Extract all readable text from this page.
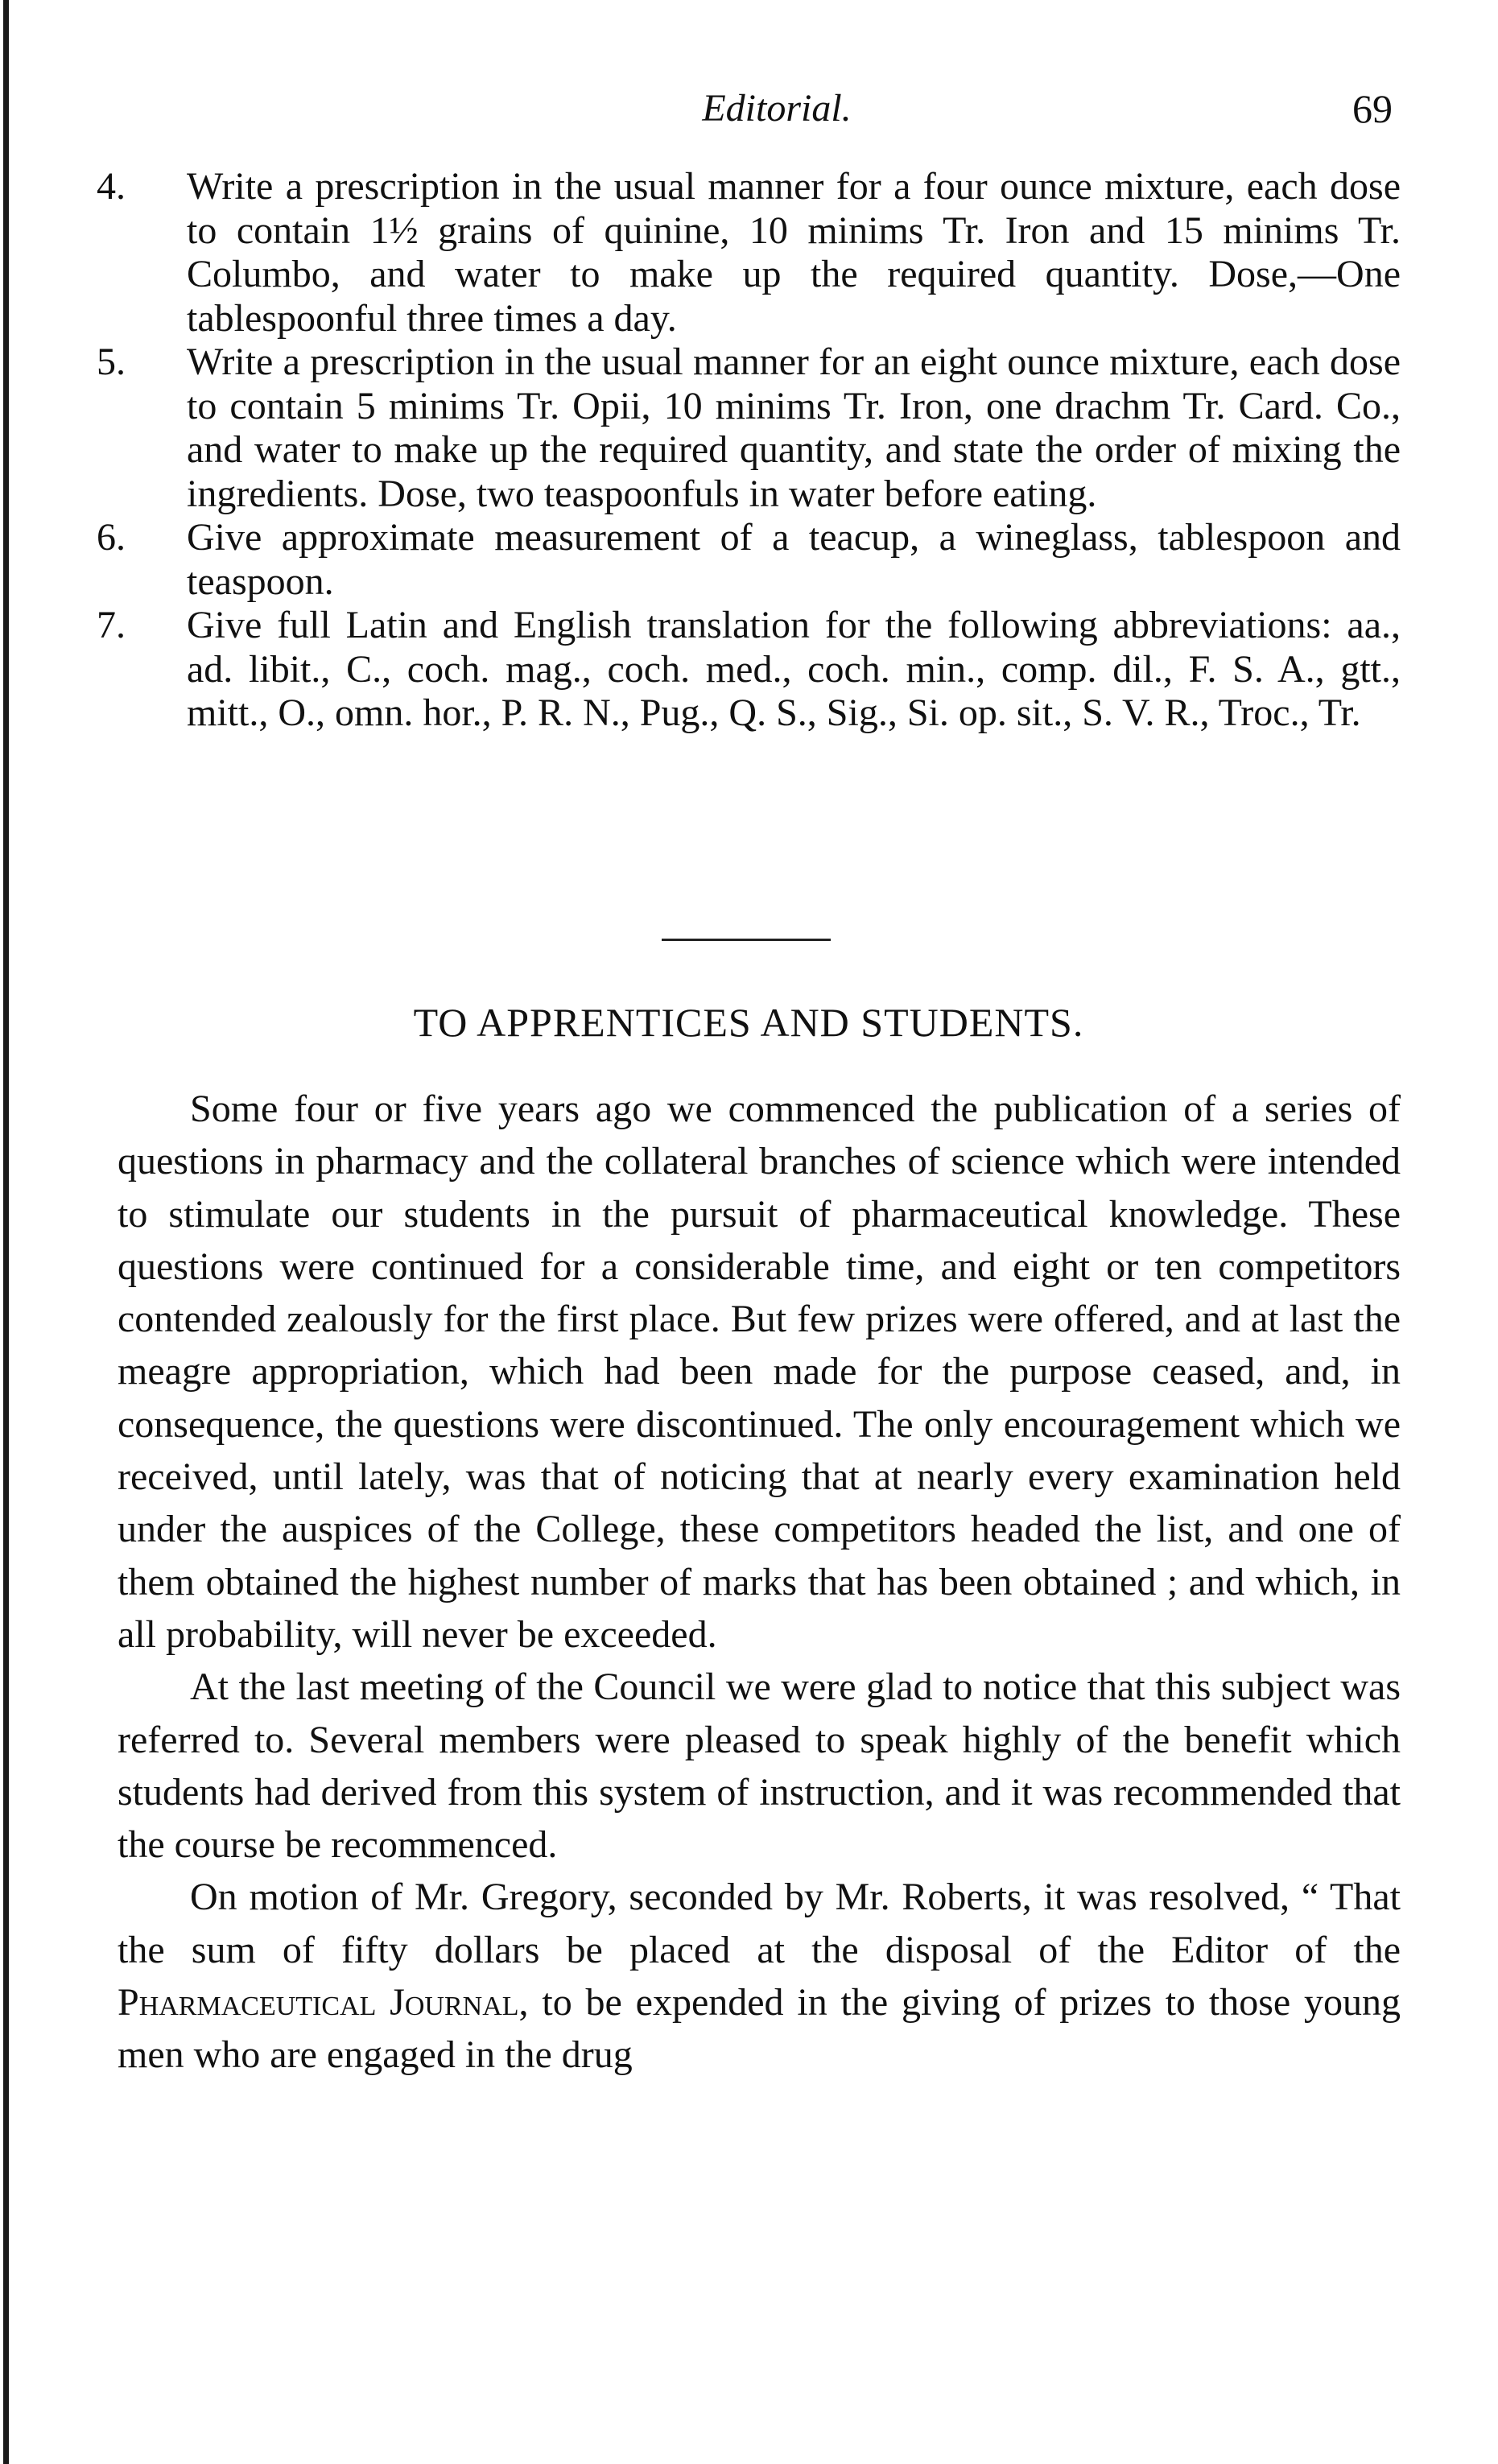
Editorial.	69
4.	Write a prescription in the usual manner for a four ounce mixture, each dose to contain 1½ grains of quinine, 10 minims Tr. Iron and 15 minims Tr. Columbo, and water to make up the required quantity. Dose,—One tablespoonful three times a day.
5.	Write a prescription in the usual manner for an eight ounce mixture, each dose to contain 5 minims Tr. Opii, 10 minims Tr. Iron, one drachm Tr. Card. Co., and water to make up the required quantity, and state the order of mixing the ingredients. Dose, two teaspoonfuls in water before eating.
6.	Give approximate measurement of a teacup, a wineglass, tablespoon and teaspoon.
7.	Give full Latin and English translation for the following abbreviations: aa., ad. libit., C., coch. mag., coch. med., coch. min., comp. dil., F. S. A., gtt., mitt., O., omn. hor., P. R. N., Pug., Q. S., Sig., Si. op. sit., S. V. R., Troc., Tr.
TO APPRENTICES AND STUDENTS.

Some four or five years ago we commenced the publication of a series of questions in pharmacy and the collateral branches of science which were intended to stimulate our students in the pursuit of pharmaceutical knowledge. These questions were continued for a considerable time, and eight or ten competitors contended zealously for the first place. But few prizes were offered, and at last the meagre appropriation, which had been made for the purpose ceased, and, in consequence, the questions were discontinued. The only encouragement which we received, until lately, was that of noticing that at nearly every examination held under the auspices of the College, these competitors headed the list, and one of them obtained the highest number of marks that has been obtained ; and which, in all probability, will never be exceeded.

At the last meeting of the Council we were glad to notice that this subject was referred to. Several members were pleased to speak highly of the benefit which students had derived from this system of instruction, and it was recommended that the course be recommenced.

On motion of Mr. Gregory, seconded by Mr. Roberts, it was resolved, “ That the sum of fifty dollars be placed at the disposal of the Editor of the Pharmaceutical Journal, to be expended in the giving of prizes to those young men who are engaged in the drug
